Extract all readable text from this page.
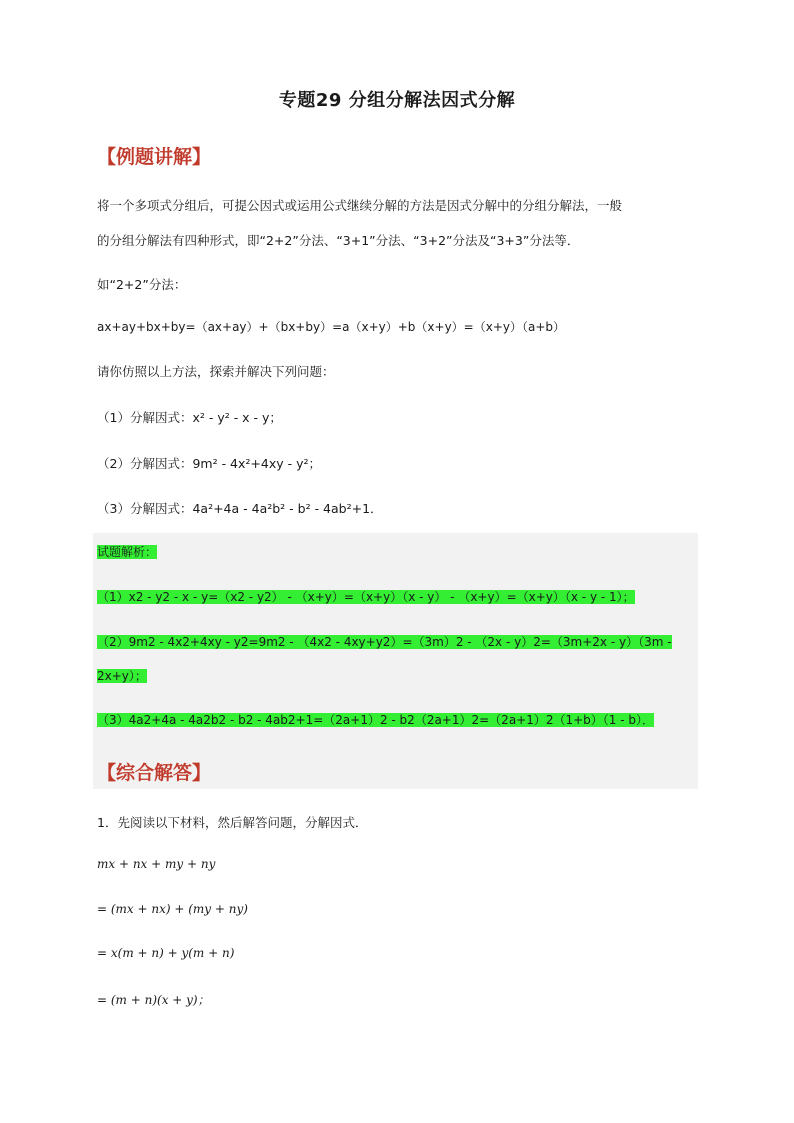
专题29 分组分解法因式分解
【例题讲解】
将一个多项式分组后，可提公因式或运用公式继续分解的方法是因式分解中的分组分解法，一般
的分组分解法有四种形式，即“2+2”分法、“3+1”分法、“3+2”分法及“3+3”分法等．
如“2+2”分法：
ax+ay+bx+by=（ax+ay）+（bx+by）=a（x+y）+b（x+y）=（x+y）（a+b）
请你仿照以上方法，探索并解决下列问题：
（1）分解因式：x² - y² - x - y；
（2）分解因式：9m² - 4x²+4xy - y²；
（3）分解因式：4a²+4a - 4a²b² - b² - 4ab²+1．
试题解析：
（1）x2 - y2 - x - y=（x2 - y2） - （x+y）=（x+y）（x - y） - （x+y）=（x+y）（x - y - 1）；
（2）9m2 - 4x2+4xy - y2=9m2 - （4x2 - 4xy+y2）=（3m）2 - （2x - y）2=（3m+2x - y）（3m -
2x+y）；
（3）4a2+4a - 4a2b2 - b2 - 4ab2+1=（2a+1）2 - b2（2a+1）2=（2a+1）2（1+b）（1 - b）．
【综合解答】
1．先阅读以下材料，然后解答问题，分解因式．
mx + nx + my + ny
= (mx + nx) + (my + ny)
= x(m + n) + y(m + n)
= (m + n)(x + y)；
